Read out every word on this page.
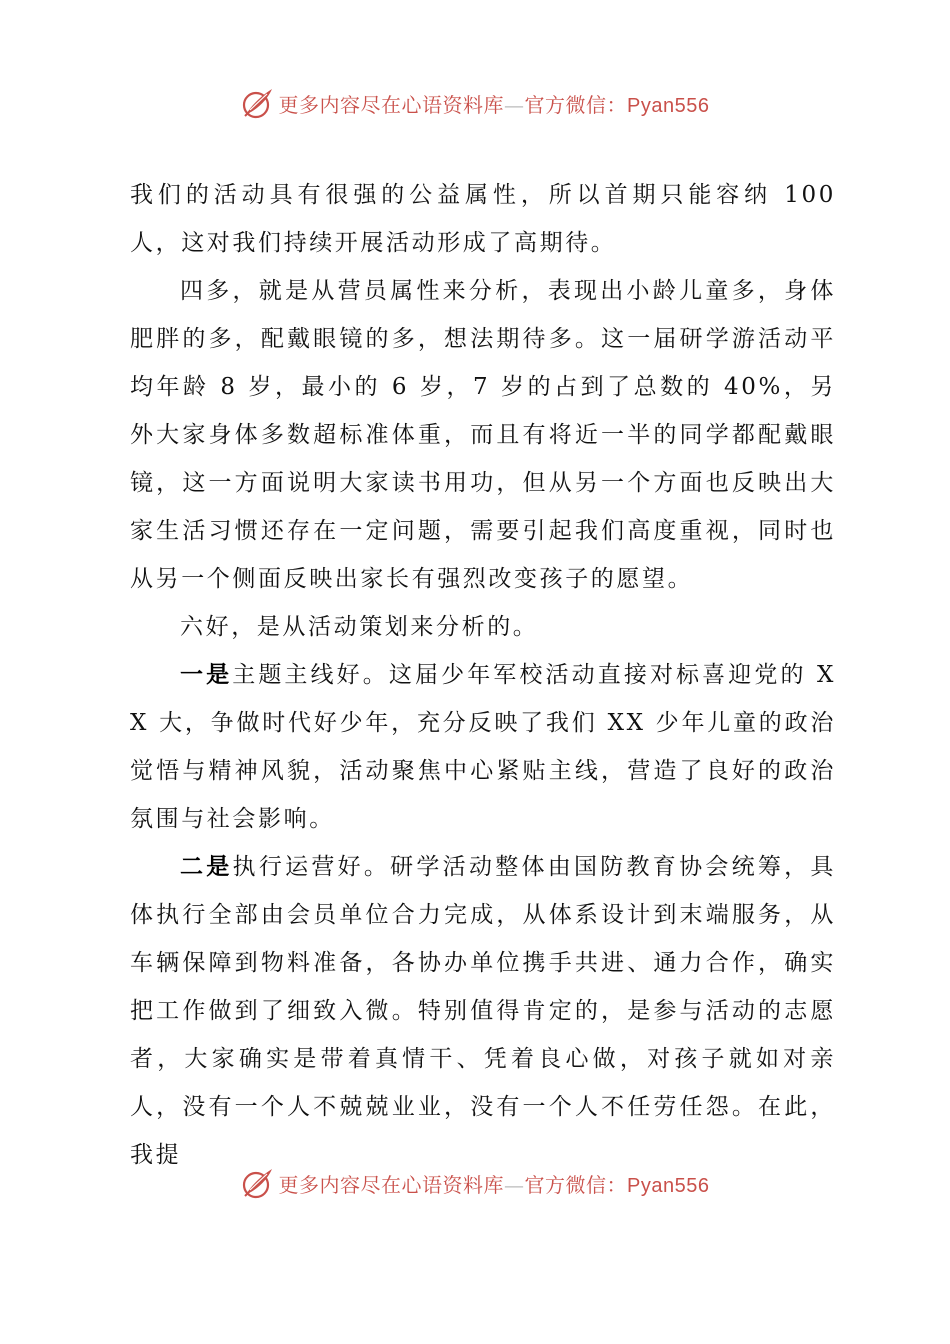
更多内容尽在心语资料库—官方微信：Pyan556

我们的活动具有很强的公益属性，所以首期只能容纳 100 人，这对我们持续开展活动形成了高期待。

四多，就是从营员属性来分析，表现出小龄儿童多，身体肥胖的多，配戴眼镜的多，想法期待多。这一届研学游活动平均年龄 8 岁，最小的 6 岁，7 岁的占到了总数的 40%，另外大家身体多数超标准体重，而且有将近一半的同学都配戴眼镜，这一方面说明大家读书用功，但从另一个方面也反映出大家生活习惯还存在一定问题，需要引起我们高度重视，同时也从另一个侧面反映出家长有强烈改变孩子的愿望。

六好，是从活动策划来分析的。

一是主题主线好。这届少年军校活动直接对标喜迎党的 XX 大，争做时代好少年，充分反映了我们 XX 少年儿童的政治觉悟与精神风貌，活动聚焦中心紧贴主线，营造了良好的政治氛围与社会影响。

二是执行运营好。研学活动整体由国防教育协会统筹，具体执行全部由会员单位合力完成，从体系设计到末端服务，从车辆保障到物料准备，各协办单位携手共进、通力合作，确实把工作做到了细致入微。特别值得肯定的，是参与活动的志愿者，大家确实是带着真情干、凭着良心做，对孩子就如对亲人，没有一个人不兢兢业业，没有一个人不任劳任怨。在此，我提

更多内容尽在心语资料库—官方微信：Pyan556
